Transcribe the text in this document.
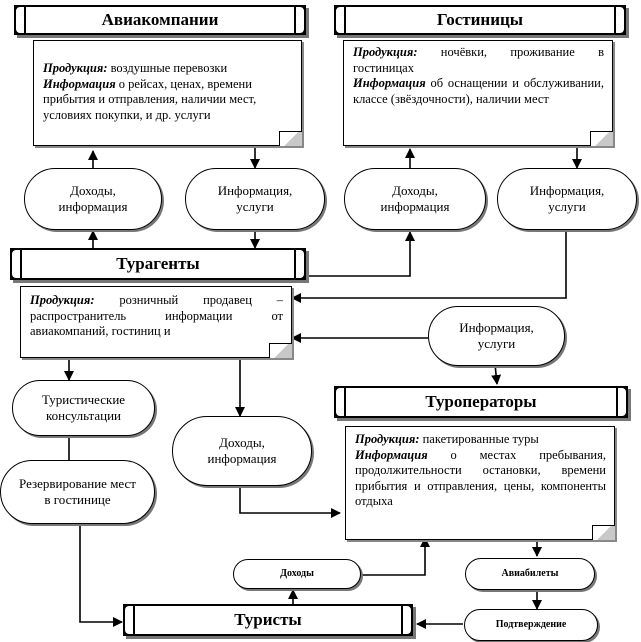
Авиакомпании	Гостиницы
Турагенты
Туроператоры
Туристы
Продукция: воздушные перевозки
Информация о рейсах, ценах, времени прибытия и отправления, наличии мест, условиях покупки, и др. услуги
Продукция: ночёвки, проживание в гостиницах
Информация об оснащении и обслуживании, классе (звёздочности), наличии мест
Продукция: розничный продавец – распространитель информации от авиакомпаний, гостиниц и
Продукция: пакетированные туры
Информация о местах пребывания, продолжительности остановки, времени прибытия и отправления, цены, компоненты отдыха
Доходы, информация
Информация, услуги
Доходы, информация
Информация, услуги
Информация, услуги
Туристические консультации
Доходы, информация
Резервирование мест в гостинице
Доходы	Авиабилеты
Подтверждение
